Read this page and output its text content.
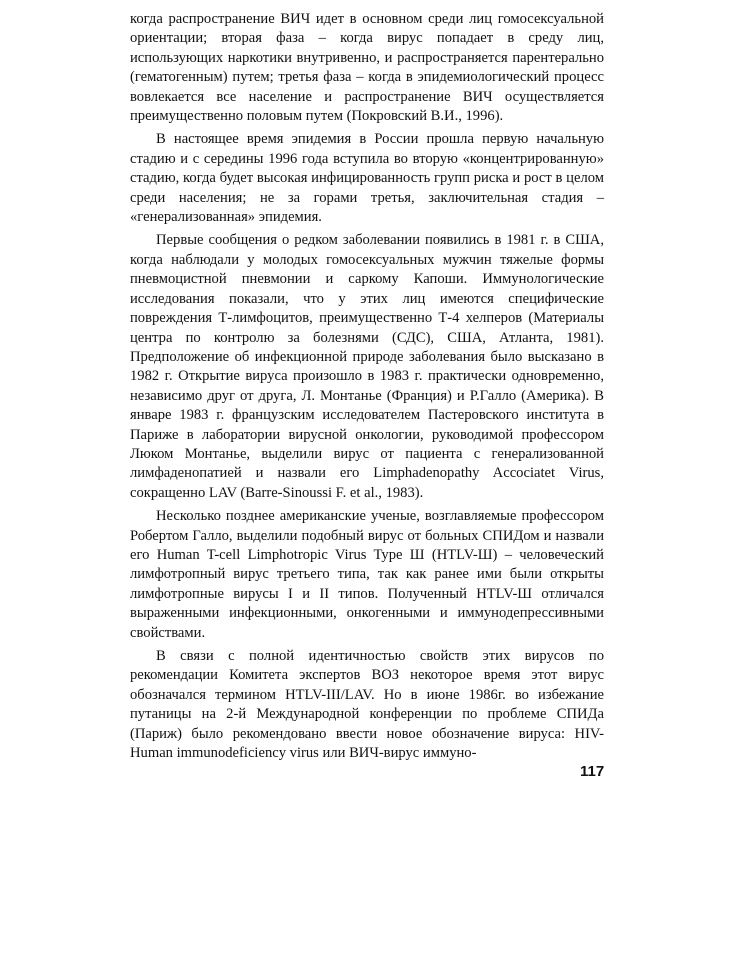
когда распространение ВИЧ идет в основном среди лиц гомосексуальной ориентации; вторая фаза – когда вирус попадает в среду лиц, использующих наркотики внутривенно, и распространяется парентерально (гематогенным) путем; третья фаза – когда в эпидемиологический процесс вовлекается все население и распространение ВИЧ осуществляется преимущественно половым путем (Покровский В.И., 1996).

В настоящее время эпидемия в России прошла первую начальную стадию и с середины 1996 года вступила во вторую «концентрированную» стадию, когда будет высокая инфицированность групп риска и рост в целом среди населения; не за горами третья, заключительная стадия – «генерализованная» эпидемия.

Первые сообщения о редком заболевании появились в 1981 г. в США, когда наблюдали у молодых гомосексуальных мужчин тяжелые формы пневмоцистной пневмонии и саркому Капоши. Иммунологические исследования показали, что у этих лиц имеются специфические повреждения Т-лимфоцитов, преимущественно Т-4 хелперов (Материалы центра по контролю за болезнями (СДС), США, Атланта, 1981). Предположение об инфекционной природе заболевания было высказано в 1982 г. Открытие вируса произошло в 1983 г. практически одновременно, независимо друг от друга, Л. Монтанье (Франция) и Р.Галло (Америка). В январе 1983 г. французским исследователем Пастеровского института в Париже в лаборатории вирусной онкологии, руководимой профессором Люком Монтанье, выделили вирус от пациента с генерализованной лимфаденопатией и назвали его Limphadenopathy Accociatet Virus, сокращенно LAV (Barre-Sinoussi F. et al., 1983).

Несколько позднее американские ученые, возглавляемые профессором Робертом Галло, выделили подобный вирус от больных СПИДом и назвали его Human T-cell Limphotropic Virus Type Ш (HTLV-Ш) – человеческий лимфотропный вирус третьего типа, так как ранее ими были открыты лимфотропные вирусы I и II типов. Полученный HTLV-Ш отличался выраженными инфекционными, онкогенными и иммунодепрессивными свойствами.

В связи с полной идентичностью свойств этих вирусов по рекомендации Комитета экспертов ВОЗ некоторое время этот вирус обозначался термином HTLV-III/LAV. Но в июне 1986г. во избежание путаницы на 2-й Международной конференции по проблеме СПИДа (Париж) было рекомендовано ввести новое обозначение вируса: HIV-Human immunodeficiency virus или ВИЧ-вирус иммуно-

117
